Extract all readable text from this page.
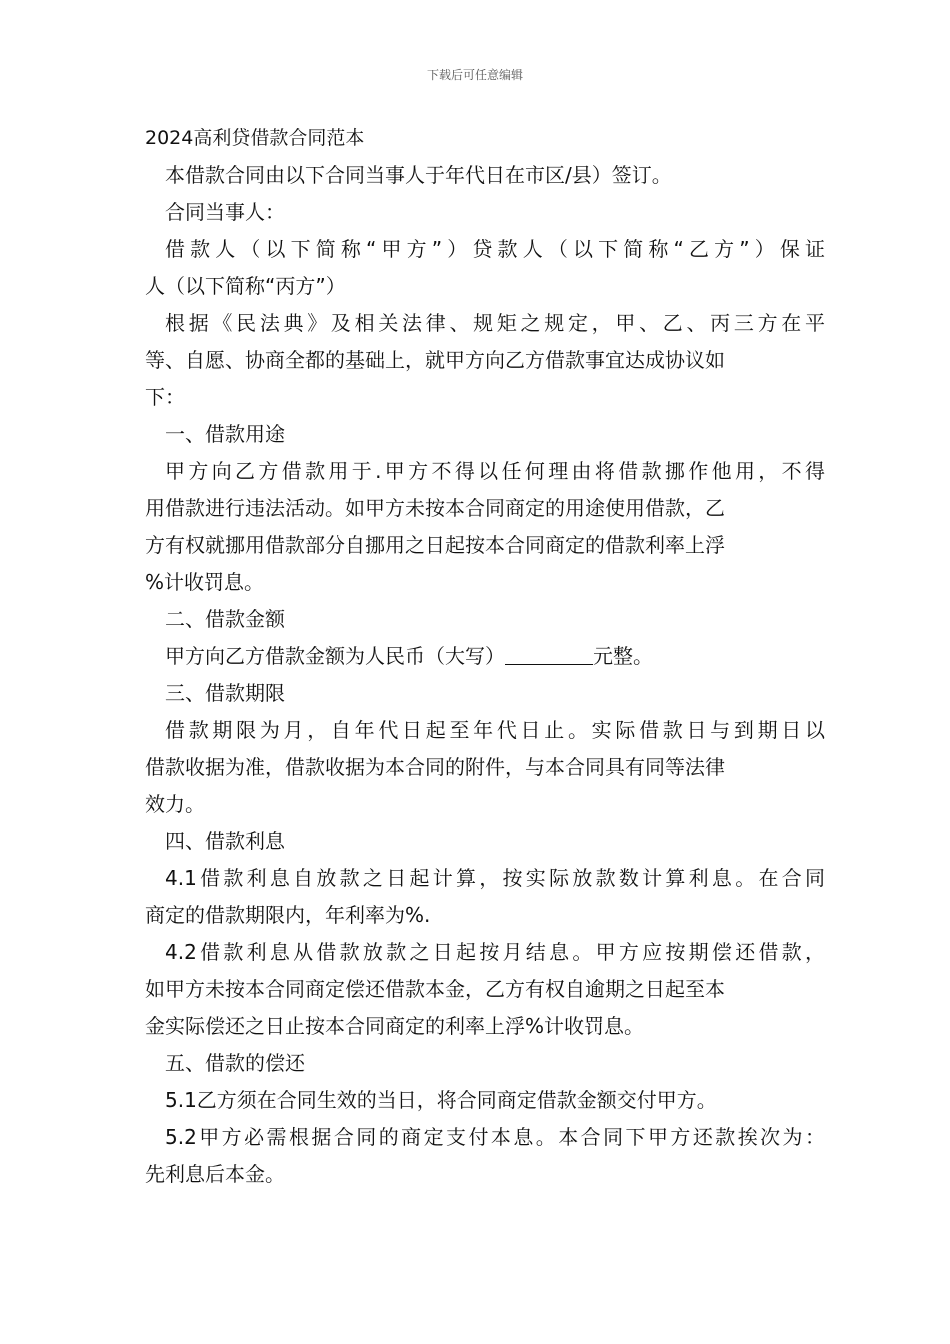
下载后可任意编辑
2024高利贷借款合同范本
本借款合同由以下合同当事人于年代日在市区/县）签订。
合同当事人：
借款人（以下简称“甲方”）贷款人（以下简称“乙方”）保证
人（以下简称“丙方”）
根据《民法典》及相关法律、规矩之规定，甲、乙、丙三方在平
等、自愿、协商全都的基础上，就甲方向乙方借款事宜达成协议如
下：
一、借款用途
甲方向乙方借款用于.甲方不得以任何理由将借款挪作他用，不得
用借款进行违法活动。如甲方未按本合同商定的用途使用借款，乙
方有权就挪用借款部分自挪用之日起按本合同商定的借款利率上浮
%计收罚息。
二、借款金额
甲方向乙方借款金额为人民币（大写）	元整。
三、借款期限
借款期限为月，自年代日起至年代日止。实际借款日与到期日以
借款收据为准，借款收据为本合同的附件，与本合同具有同等法律
效力。
四、借款利息
4.1借款利息自放款之日起计算，按实际放款数计算利息。在合同
商定的借款期限内，年利率为%.
4.2借款利息从借款放款之日起按月结息。甲方应按期偿还借款，
如甲方未按本合同商定偿还借款本金，乙方有权自逾期之日起至本
金实际偿还之日止按本合同商定的利率上浮%计收罚息。
五、借款的偿还
5.1乙方须在合同生效的当日，将合同商定借款金额交付甲方。
5.2甲方必需根据合同的商定支付本息。本合同下甲方还款挨次为：
先利息后本金。
